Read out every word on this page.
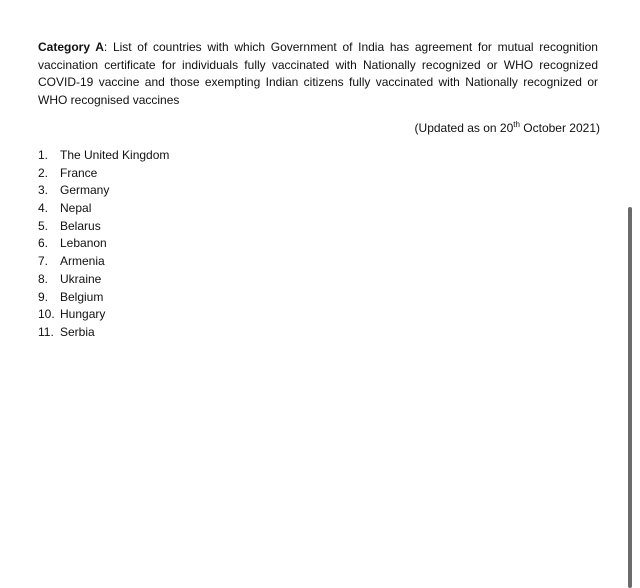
Category A: List of countries with which Government of India has agreement for mutual recognition vaccination certificate for individuals fully vaccinated with Nationally recognized or WHO recognized COVID-19 vaccine and those exempting Indian citizens fully vaccinated with Nationally recognized or WHO recognised vaccines

(Updated as on 20th October 2021)

1. The United Kingdom
2. France
3. Germany
4. Nepal
5. Belarus
6. Lebanon
7. Armenia
8. Ukraine
9. Belgium
10. Hungary
11. Serbia
